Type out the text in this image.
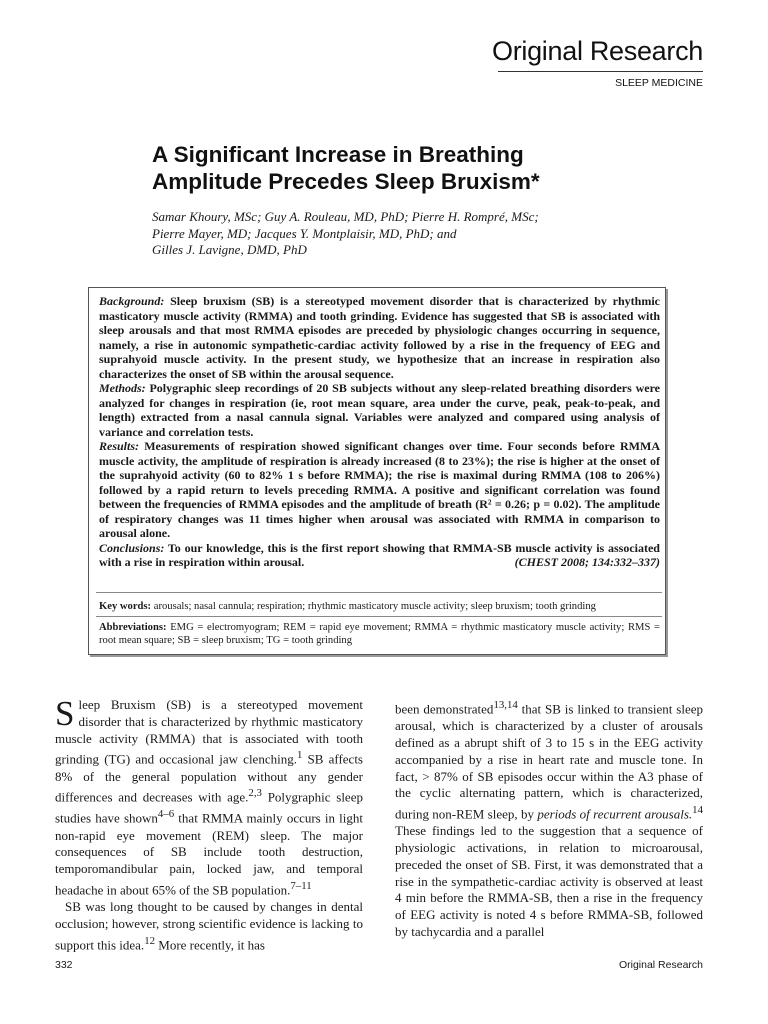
Original Research
SLEEP MEDICINE
A Significant Increase in Breathing
Amplitude Precedes Sleep Bruxism*
Samar Khoury, MSc; Guy A. Rouleau, MD, PhD; Pierre H. Rompré, MSc;
Pierre Mayer, MD; Jacques Y. Montplaisir, MD, PhD; and
Gilles J. Lavigne, DMD, PhD

Background: Sleep bruxism (SB) is a stereotyped movement disorder that is characterized by rhythmic masticatory muscle activity (RMMA) and tooth grinding. Evidence has suggested that SB is associated with sleep arousals and that most RMMA episodes are preceded by physiologic changes occurring in sequence, namely, a rise in autonomic sympathetic-cardiac activity followed by a rise in the frequency of EEG and suprahyoid muscle activity. In the present study, we hypothesize that an increase in respiration also characterizes the onset of SB within the arousal sequence.

Methods: Polygraphic sleep recordings of 20 SB subjects without any sleep-related breathing disorders were analyzed for changes in respiration (ie, root mean square, area under the curve, peak, peak-to-peak, and length) extracted from a nasal cannula signal. Variables were analyzed and compared using analysis of variance and correlation tests.

Results: Measurements of respiration showed significant changes over time. Four seconds before RMMA muscle activity, the amplitude of respiration is already increased (8 to 23%); the rise is higher at the onset of the suprahyoid activity (60 to 82% 1 s before RMMA); the rise is maximal during RMMA (108 to 206%) followed by a rapid return to levels preceding RMMA. A positive and significant correlation was found between the frequencies of RMMA episodes and the amplitude of breath (R² = 0.26; p = 0.02). The amplitude of respiratory changes was 11 times higher when arousal was associated with RMMA in comparison to arousal alone.

Conclusions: To our knowledge, this is the first report showing that RMMA-SB muscle activity is associated with a rise in respiration within arousal.	(CHEST 2008; 134:332–337)

Key words: arousals; nasal cannula; respiration; rhythmic masticatory muscle activity; sleep bruxism; tooth grinding
Abbreviations: EMG = electromyogram; REM = rapid eye movement; RMMA = rhythmic masticatory muscle activity; RMS = root mean square; SB = sleep bruxism; TG = tooth grinding

Sleep Bruxism (SB) is a stereotyped movement disorder that is characterized by rhythmic masticatory muscle activity (RMMA) that is associated with tooth grinding (TG) and occasional jaw clenching.$^1$ SB affects 8% of the general population without any gender differences and decreases with age.$^{2,3}$ Polygraphic sleep studies have shown$^{4-6}$ that RMMA mainly occurs in light non-rapid eye movement (REM) sleep. The major consequences of SB include tooth destruction, temporomandibular pain, locked jaw, and temporal headache in about 65% of the SB population.$^{7-11}$

SB was long thought to be caused by changes in dental occlusion; however, strong scientific evidence is lacking to support this idea.$^{12}$ More recently, it has

been demonstrated$^{13,14}$ that SB is linked to transient sleep arousal, which is characterized by a cluster of arousals defined as a abrupt shift of 3 to 15 s in the EEG activity accompanied by a rise in heart rate and muscle tone. In fact, > 87% of SB episodes occur within the A3 phase of the cyclic alternating pattern, which is characterized, during non-REM sleep, by periods of recurrent arousals.$^{14}$ These findings led to the suggestion that a sequence of physiologic activations, in relation to microarousal, preceded the onset of SB. First, it was demonstrated that a rise in the sympathetic-cardiac activity is observed at least 4 min before the RMMA-SB, then a rise in the frequency of EEG activity is noted 4 s before RMMA-SB, followed by tachycardia and a parallel

332	Original Research
